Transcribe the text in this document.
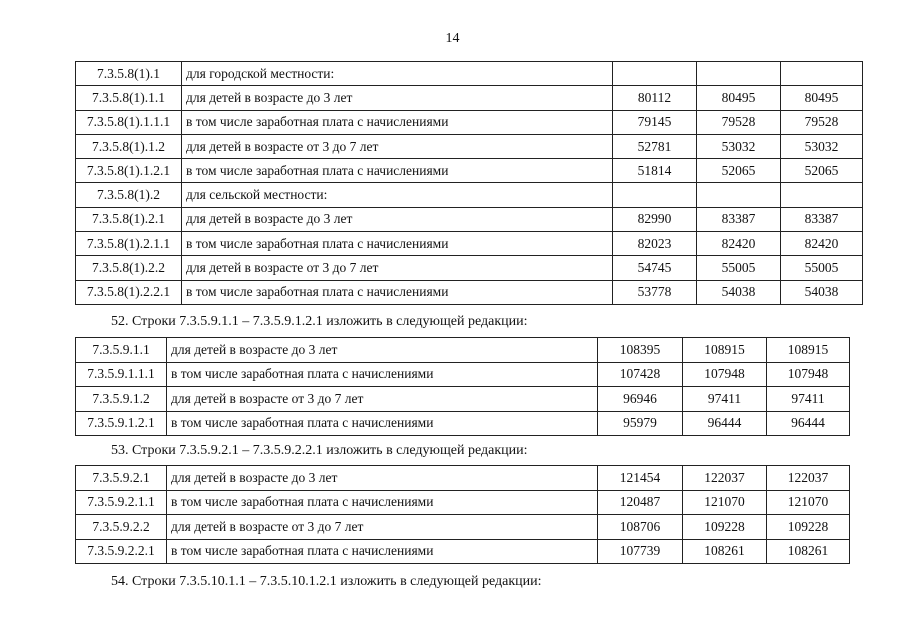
14
7.3.5.8(1).1	для городской местности:			
7.3.5.8(1).1.1	для детей в возрасте до 3 лет	80112	80495	80495
7.3.5.8(1).1.1.1	в том числе заработная плата с начислениями	79145	79528	79528
7.3.5.8(1).1.2	для детей в возрасте от 3 до 7 лет	52781	53032	53032
7.3.5.8(1).1.2.1	в том числе заработная плата с начислениями	51814	52065	52065
7.3.5.8(1).2	для сельской местности:			
7.3.5.8(1).2.1	для детей в возрасте до 3 лет	82990	83387	83387
7.3.5.8(1).2.1.1	в том числе заработная плата с начислениями	82023	82420	82420
7.3.5.8(1).2.2	для детей в возрасте от 3 до 7 лет	54745	55005	55005
7.3.5.8(1).2.2.1	в том числе заработная плата с начислениями	53778	54038	54038
52. Строки 7.3.5.9.1.1 – 7.3.5.9.1.2.1 изложить в следующей редакции:
7.3.5.9.1.1	для детей в возрасте до 3 лет	108395	108915	108915
7.3.5.9.1.1.1	в том числе заработная плата с начислениями	107428	107948	107948
7.3.5.9.1.2	для детей в возрасте от 3 до 7 лет	96946	97411	97411
7.3.5.9.1.2.1	в том числе заработная плата с начислениями	95979	96444	96444
53. Строки 7.3.5.9.2.1 – 7.3.5.9.2.2.1 изложить в следующей редакции:
7.3.5.9.2.1	для детей в возрасте до 3 лет	121454	122037	122037
7.3.5.9.2.1.1	в том числе заработная плата с начислениями	120487	121070	121070
7.3.5.9.2.2	для детей в возрасте от 3 до 7 лет	108706	109228	109228
7.3.5.9.2.2.1	в том числе заработная плата с начислениями	107739	108261	108261
54. Строки 7.3.5.10.1.1 – 7.3.5.10.1.2.1 изложить в следующей редакции:
